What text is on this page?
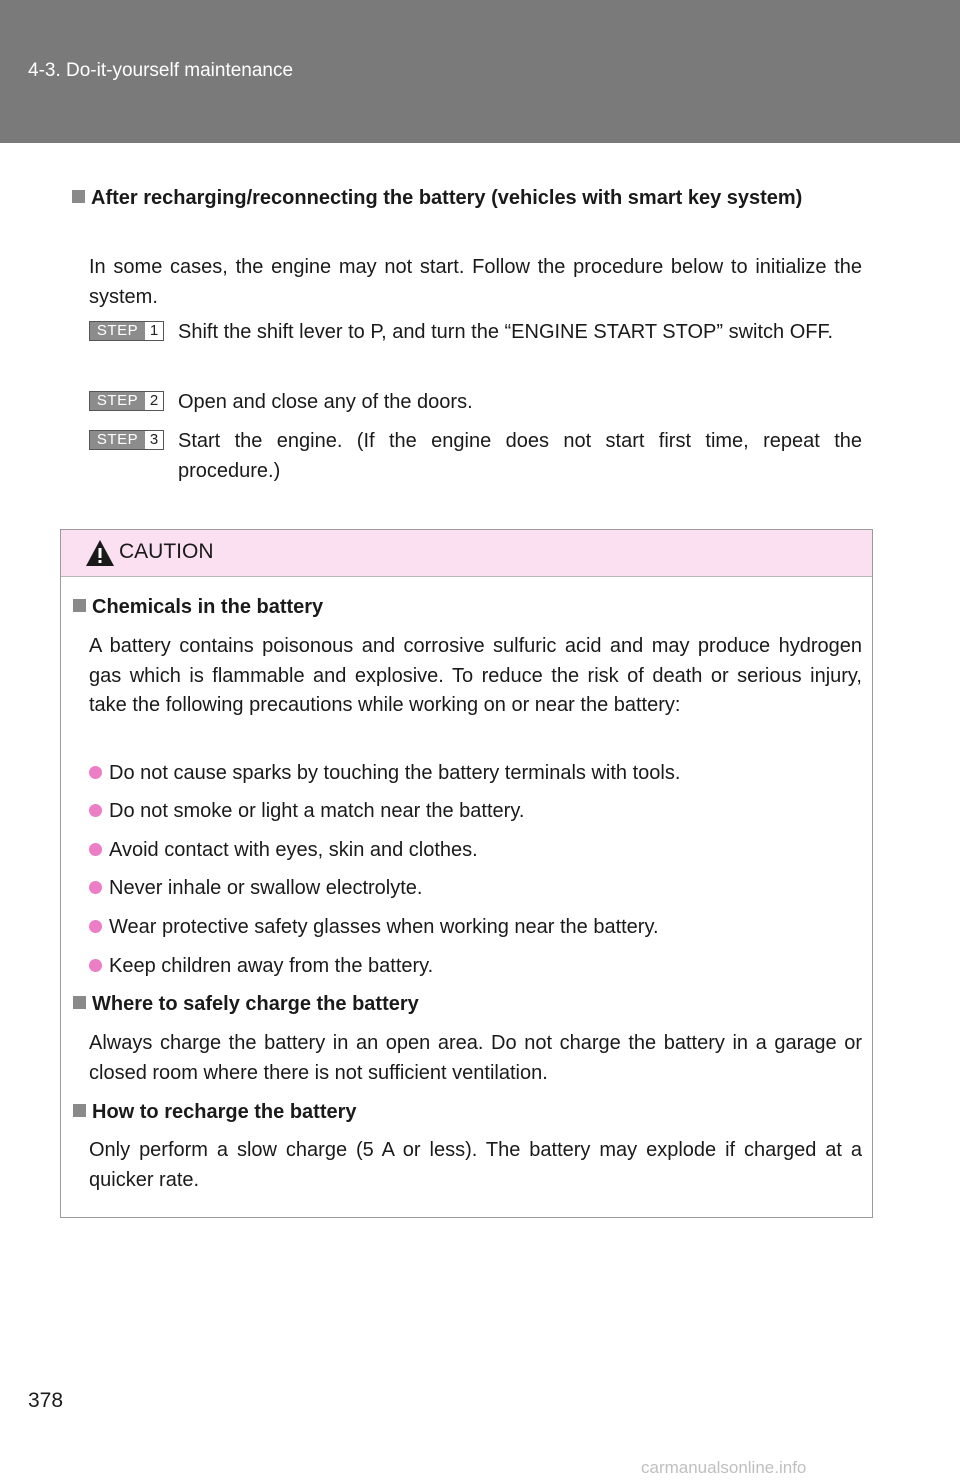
4-3. Do-it-yourself maintenance
After recharging/reconnecting the battery (vehicles with smart key system)
In some cases, the engine may not start. Follow the procedure below to initialize the system.
STEP 1 Shift the shift lever to P, and turn the “ENGINE START STOP” switch OFF.
STEP 2 Open and close any of the doors.
STEP 3 Start the engine. (If the engine does not start first time, repeat the procedure.)
CAUTION
Chemicals in the battery
A battery contains poisonous and corrosive sulfuric acid and may produce hydrogen gas which is flammable and explosive. To reduce the risk of death or serious injury, take the following precautions while working on or near the battery:
Do not cause sparks by touching the battery terminals with tools.
Do not smoke or light a match near the battery.
Avoid contact with eyes, skin and clothes.
Never inhale or swallow electrolyte.
Wear protective safety glasses when working near the battery.
Keep children away from the battery.
Where to safely charge the battery
Always charge the battery in an open area. Do not charge the battery in a garage or closed room where there is not sufficient ventilation.
How to recharge the battery
Only perform a slow charge (5 A or less). The battery may explode if charged at a quicker rate.
378
carmanualsonline.info
